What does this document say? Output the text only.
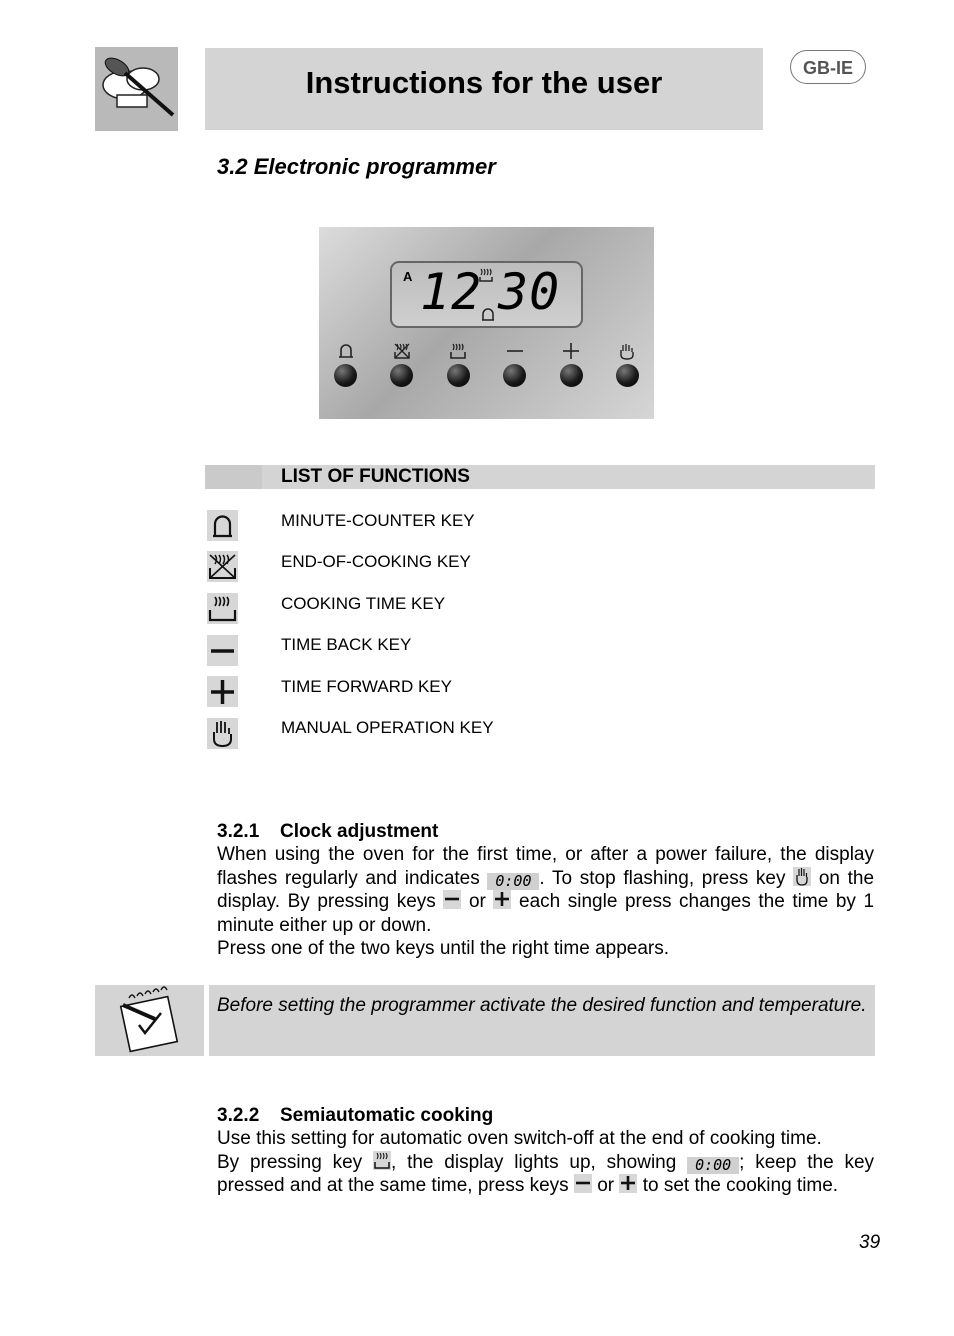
Instructions for the user	GB-IE
3.2 Electronic programmer
A 12 30
LIST OF FUNCTIONS
MINUTE-COUNTER KEY
END-OF-COOKING KEY
COOKING TIME KEY
TIME BACK KEY
TIME FORWARD KEY
MANUAL OPERATION KEY
3.2.1 Clock adjustment
When using the oven for the first time, or after a power failure, the display flashes regularly and indicates 0:00 . To stop flashing, press key on the display. By pressing keys or each single press changes the time by 1 minute either up or down.
Press one of the two keys until the right time appears.
Before setting the programmer activate the desired function and temperature.
3.2.2 Semiautomatic cooking
Use this setting for automatic oven switch-off at the end of cooking time.
By pressing key , the display lights up, showing 0:00 ; keep the key pressed and at the same time, press keys or to set the cooking time.
39
